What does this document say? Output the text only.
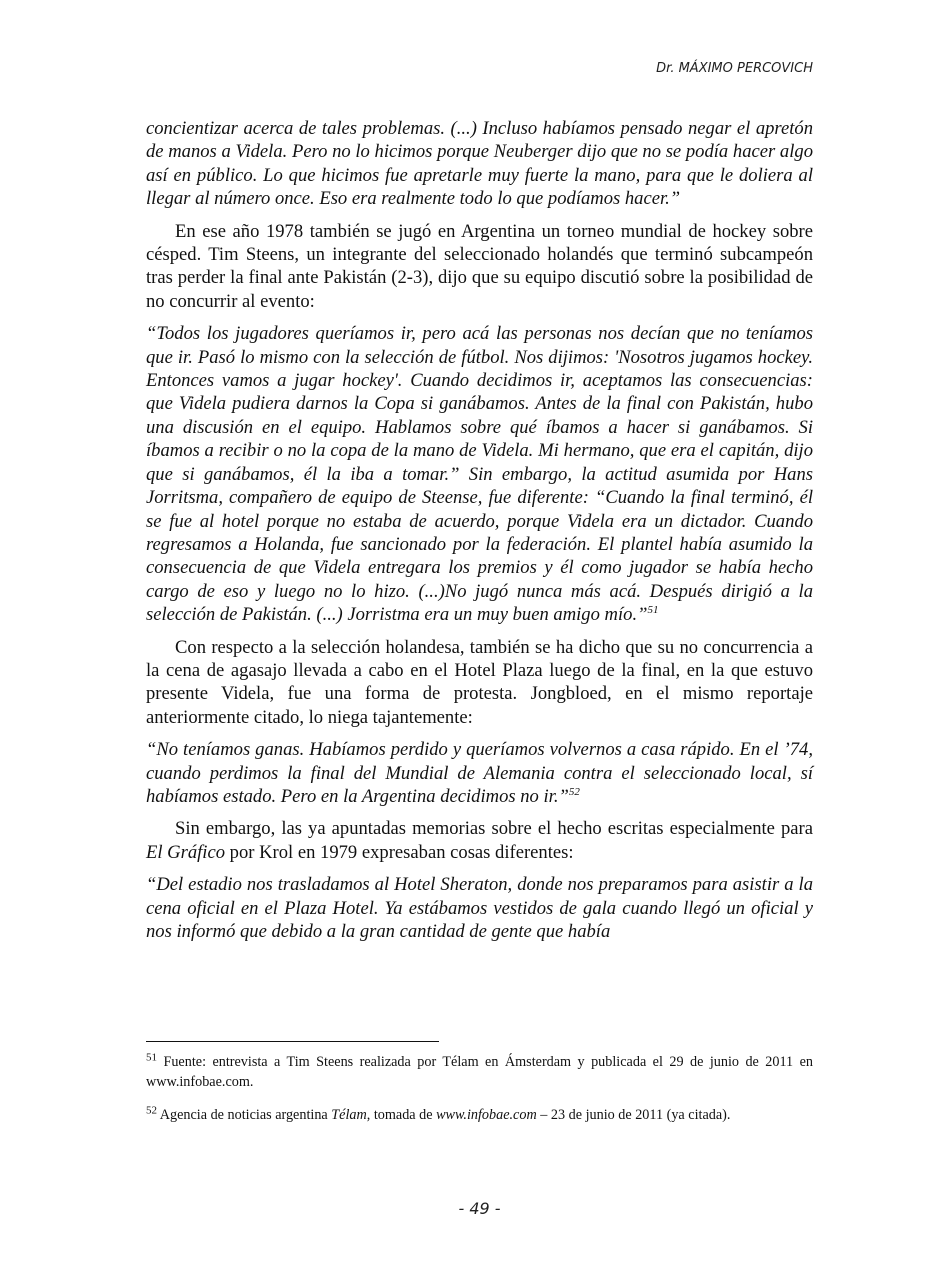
Dr. MÁXIMO PERCOVICH

concientizar acerca de tales problemas. (...) Incluso habíamos pensado negar el apretón de manos a Videla. Pero no lo hicimos porque Neuberger dijo que no se podía hacer algo así en público. Lo que hicimos fue apretarle muy fuerte la mano, para que le doliera al llegar al número once. Eso era realmente todo lo que podíamos hacer.”

En ese año 1978 también se jugó en Argentina un torneo mundial de hockey sobre césped. Tim Steens, un integrante del seleccionado holandés que terminó subcampeón tras perder la final ante Pakistán (2-3), dijo que su equipo discutió sobre la posibilidad de no concurrir al evento:

“Todos los jugadores queríamos ir, pero acá las personas nos decían que no teníamos que ir. Pasó lo mismo con la selección de fútbol. Nos dijimos: 'Nosotros jugamos hockey. Entonces vamos a jugar hockey'. Cuando decidimos ir, aceptamos las consecuencias: que Videla pudiera darnos la Copa si ganábamos. Antes de la final con Pakistán, hubo una discusión en el equipo. Hablamos sobre qué íbamos a hacer si ganábamos. Si íbamos a recibir o no la copa de la mano de Videla. Mi hermano, que era el capitán, dijo que si ganábamos, él la iba a tomar.” Sin embargo, la actitud asumida por Hans Jorritsma, compañero de equipo de Steense, fue diferente: “Cuando la final terminó, él se fue al hotel porque no estaba de acuerdo, porque Videla era un dictador. Cuando regresamos a Holanda, fue sancionado por la federación. El plantel había asumido la consecuencia de que Videla entregara los premios y él como jugador se había hecho cargo de eso y luego no lo hizo. (...)No jugó nunca más acá. Después dirigió a la selección de Pakistán. (...) Jorristma era un muy buen amigo mío.”$^{51}$

Con respecto a la selección holandesa, también se ha dicho que su no concurrencia a la cena de agasajo llevada a cabo en el Hotel Plaza luego de la final, en la que estuvo presente Videla, fue una forma de protesta. Jongbloed, en el mismo reportaje anteriormente citado, lo niega tajantemente:

“No teníamos ganas. Habíamos perdido y queríamos volvernos a casa rápido. En el ’74, cuando perdimos la final del Mundial de Alemania contra el seleccionado local, sí habíamos estado. Pero en la Argentina decidimos no ir.”$^{52}$

Sin embargo, las ya apuntadas memorias sobre el hecho escritas especialmente para El Gráfico por Krol en 1979 expresaban cosas diferentes:

“Del estadio nos trasladamos al Hotel Sheraton, donde nos preparamos para asistir a la cena oficial en el Plaza Hotel. Ya estábamos vestidos de gala cuando llegó un oficial y nos informó que debido a la gran cantidad de gente que había

$^{51}$ Fuente: entrevista a Tim Steens realizada por Télam en Ámsterdam y publicada el 29 de junio de 2011 en www.infobae.com.

$^{52}$ Agencia de noticias argentina Télam, tomada de www.infobae.com – 23 de junio de 2011 (ya citada).

- 49 -
